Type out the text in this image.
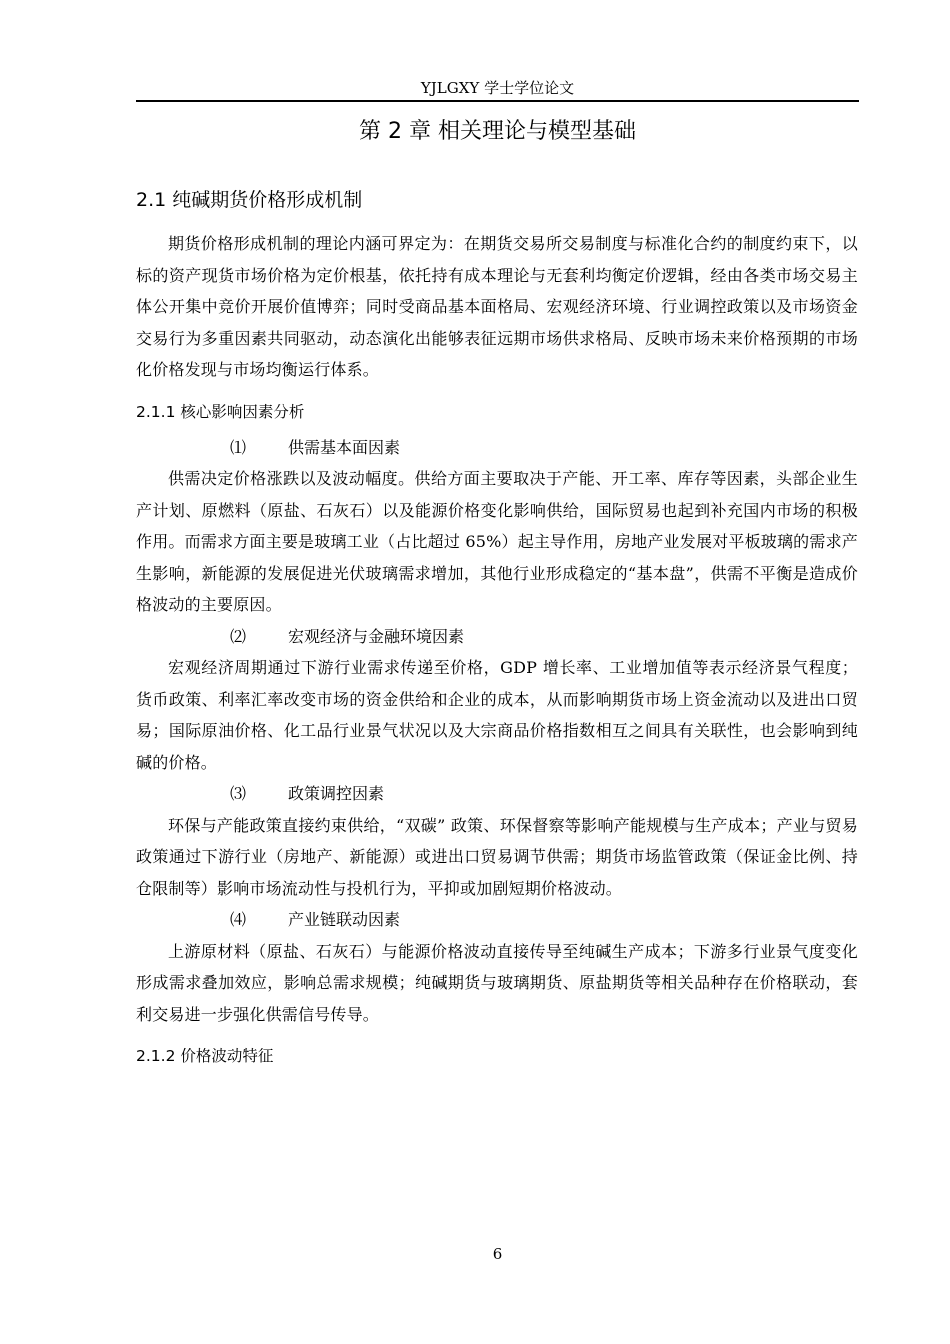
YJLGXY 学士学位论文
第 2 章 相关理论与模型基础
2.1 纯碱期货价格形成机制

期货价格形成机制的理论内涵可界定为：在期货交易所交易制度与标准化合约的制度约束下，以标的资产现货市场价格为定价根基，依托持有成本理论与无套利均衡定价逻辑，经由各类市场交易主体公开集中竞价开展价值博弈；同时受商品基本面格局、宏观经济环境、行业调控政策以及市场资金交易行为多重因素共同驱动，动态演化出能够表征远期市场供求格局、反映市场未来价格预期的市场化价格发现与市场均衡运行体系。

2.1.1 核心影响因素分析

⑴	供需基本面因素

供需决定价格涨跌以及波动幅度。供给方面主要取决于产能、开工率、库存等因素，头部企业生产计划、原燃料（原盐、石灰石）以及能源价格变化影响供给，国际贸易也起到补充国内市场的积极作用。而需求方面主要是玻璃工业（占比超过 65%）起主导作用，房地产业发展对平板玻璃的需求产生影响，新能源的发展促进光伏玻璃需求增加，其他行业形成稳定的“基本盘”，供需不平衡是造成价格波动的主要原因。

⑵	宏观经济与金融环境因素

宏观经济周期通过下游行业需求传递至价格，GDP 增长率、工业增加值等表示经济景气程度；货币政策、利率汇率改变市场的资金供给和企业的成本，从而影响期货市场上资金流动以及进出口贸易；国际原油价格、化工品行业景气状况以及大宗商品价格指数相互之间具有关联性，也会影响到纯碱的价格。

⑶	政策调控因素

环保与产能政策直接约束供给，“双碳” 政策、环保督察等影响产能规模与生产成本；产业与贸易政策通过下游行业（房地产、新能源）或进出口贸易调节供需；期货市场监管政策（保证金比例、持仓限制等）影响市场流动性与投机行为，平抑或加剧短期价格波动。

⑷	产业链联动因素

上游原材料（原盐、石灰石）与能源价格波动直接传导至纯碱生产成本；下游多行业景气度变化形成需求叠加效应，影响总需求规模；纯碱期货与玻璃期货、原盐期货等相关品种存在价格联动，套利交易进一步强化供需信号传导。

2.1.2 价格波动特征
6
